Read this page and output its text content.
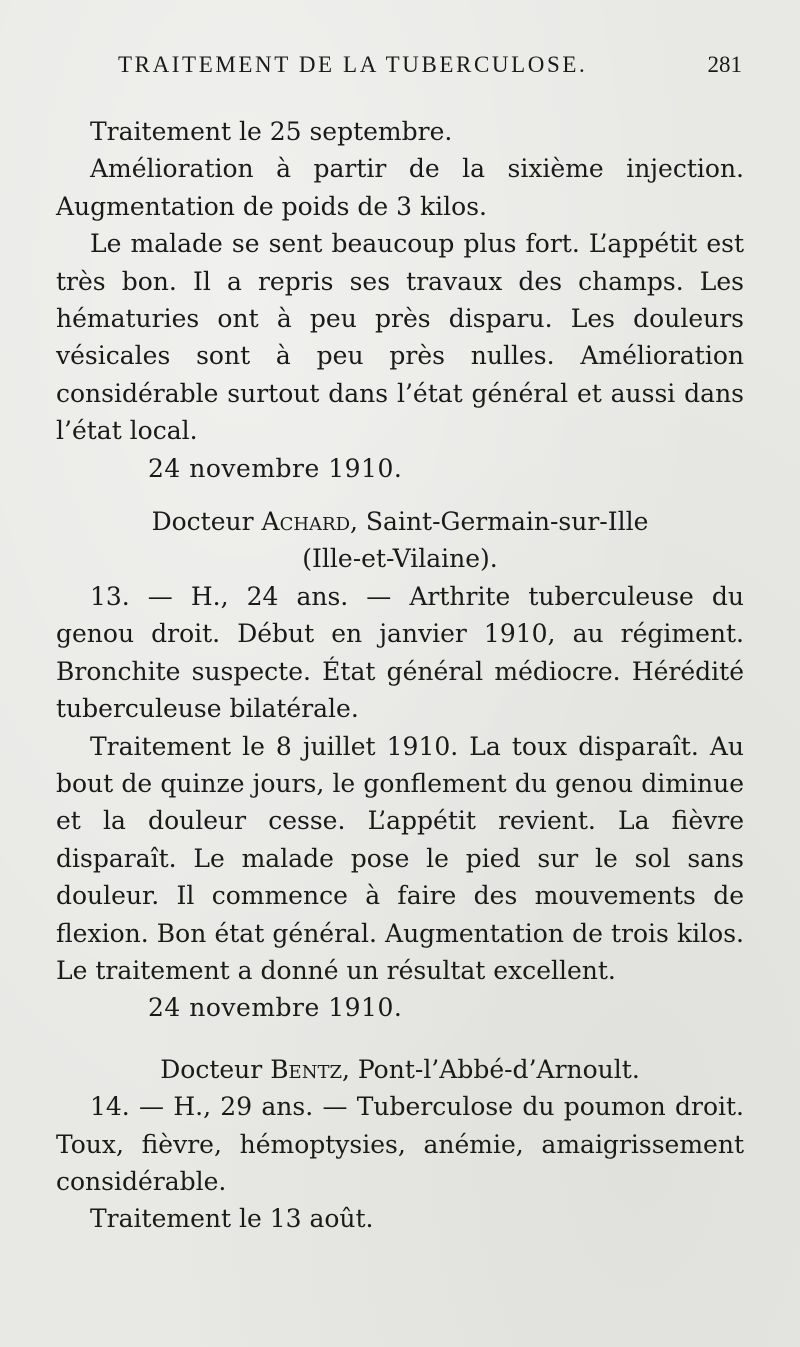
TRAITEMENT DE LA TUBERCULOSE.	281

Traitement le 25 septembre.

Amélioration à partir de la sixième injection. Augmentation de poids de 3 kilos.

Le malade se sent beaucoup plus fort. L’appétit est très bon. Il a repris ses travaux des champs. Les hématuries ont à peu près disparu. Les douleurs vésicales sont à peu près nulles. Amélioration considérable surtout dans l’état général et aussi dans l’état local.

24 novembre 1910.

Docteur Achard, Saint-Germain-sur-Ille
(Ille-et-Vilaine).

13. — H., 24 ans. — Arthrite tuberculeuse du genou droit. Début en janvier 1910, au régiment. Bronchite suspecte. État général médiocre. Hérédité tuberculeuse bilatérale.

Traitement le 8 juillet 1910. La toux disparaît. Au bout de quinze jours, le gonflement du genou diminue et la douleur cesse. L’appétit revient. La fièvre disparaît. Le malade pose le pied sur le sol sans douleur. Il commence à faire des mouvements de flexion. Bon état général. Augmentation de trois kilos. Le traitement a donné un résultat excellent.

24 novembre 1910.

Docteur Bentz, Pont-l’Abbé-d’Arnoult.

14. — H., 29 ans. — Tuberculose du poumon droit. Toux, fièvre, hémoptysies, anémie, amaigrissement considérable.

Traitement le 13 août.
